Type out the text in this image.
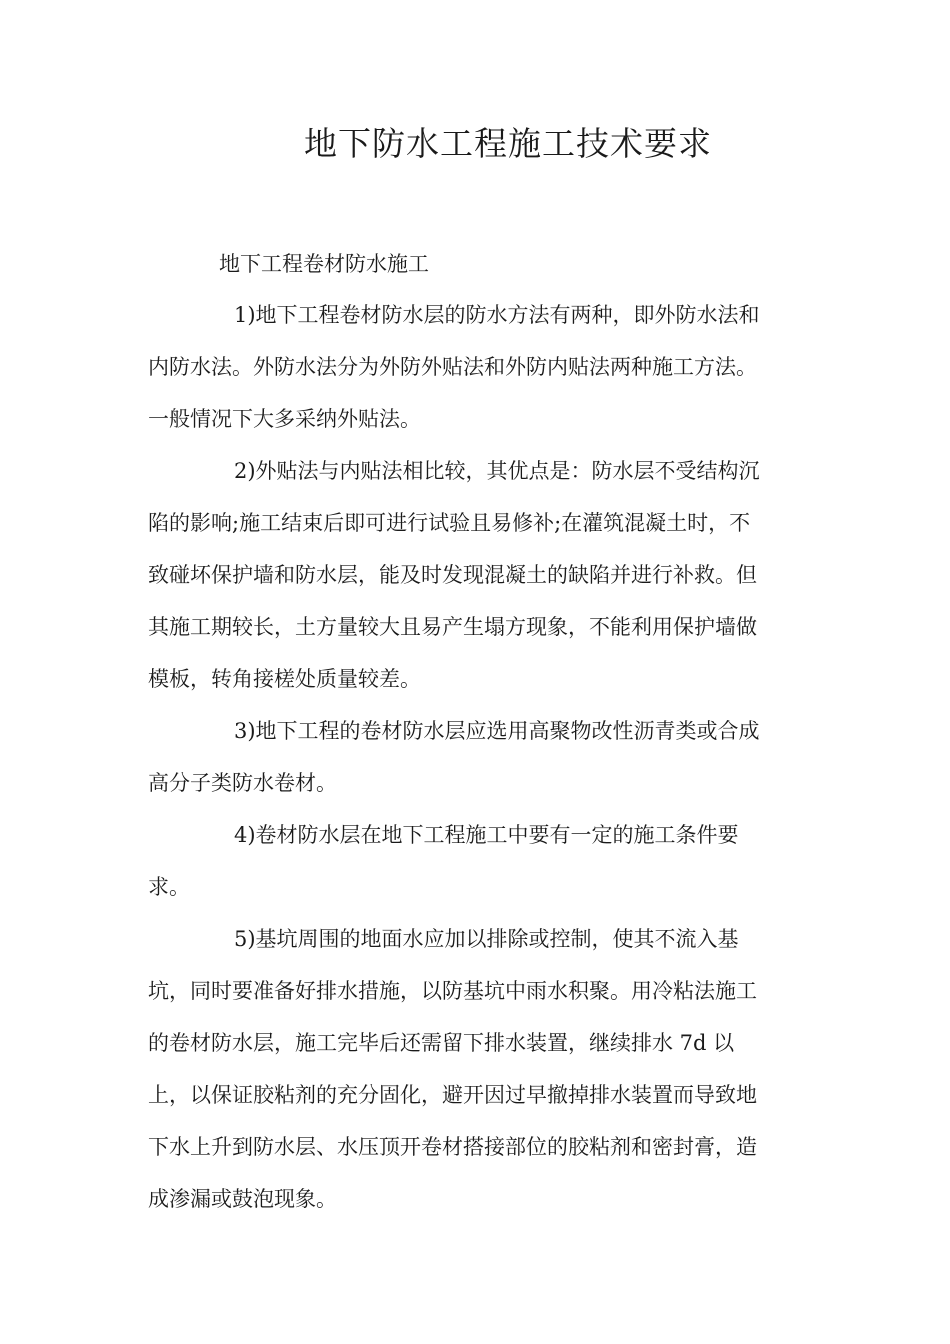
地下防水工程施工技术要求
地下工程卷材防水施工
1)地下工程卷材防水层的防水方法有两种，即外防水法和
内防水法。外防水法分为外防外贴法和外防内贴法两种施工方法。
一般情况下大多采纳外贴法。
2)外贴法与内贴法相比较，其优点是：防水层不受结构沉
陷的影响;施工结束后即可进行试验且易修补;在灌筑混凝土时，不
致碰坏保护墙和防水层，能及时发现混凝土的缺陷并进行补救。但
其施工期较长，土方量较大且易产生塌方现象，不能利用保护墙做
模板，转角接槎处质量较差。
3)地下工程的卷材防水层应选用高聚物改性沥青类或合成
高分子类防水卷材。
4)卷材防水层在地下工程施工中要有一定的施工条件要
求。
5)基坑周围的地面水应加以排除或控制，使其不流入基
坑，同时要准备好排水措施，以防基坑中雨水积聚。用冷粘法施工
的卷材防水层，施工完毕后还需留下排水装置，继续排水 7d 以
上，以保证胶粘剂的充分固化，避开因过早撤掉排水装置而导致地
下水上升到防水层、水压顶开卷材搭接部位的胶粘剂和密封膏，造
成渗漏或鼓泡现象。
